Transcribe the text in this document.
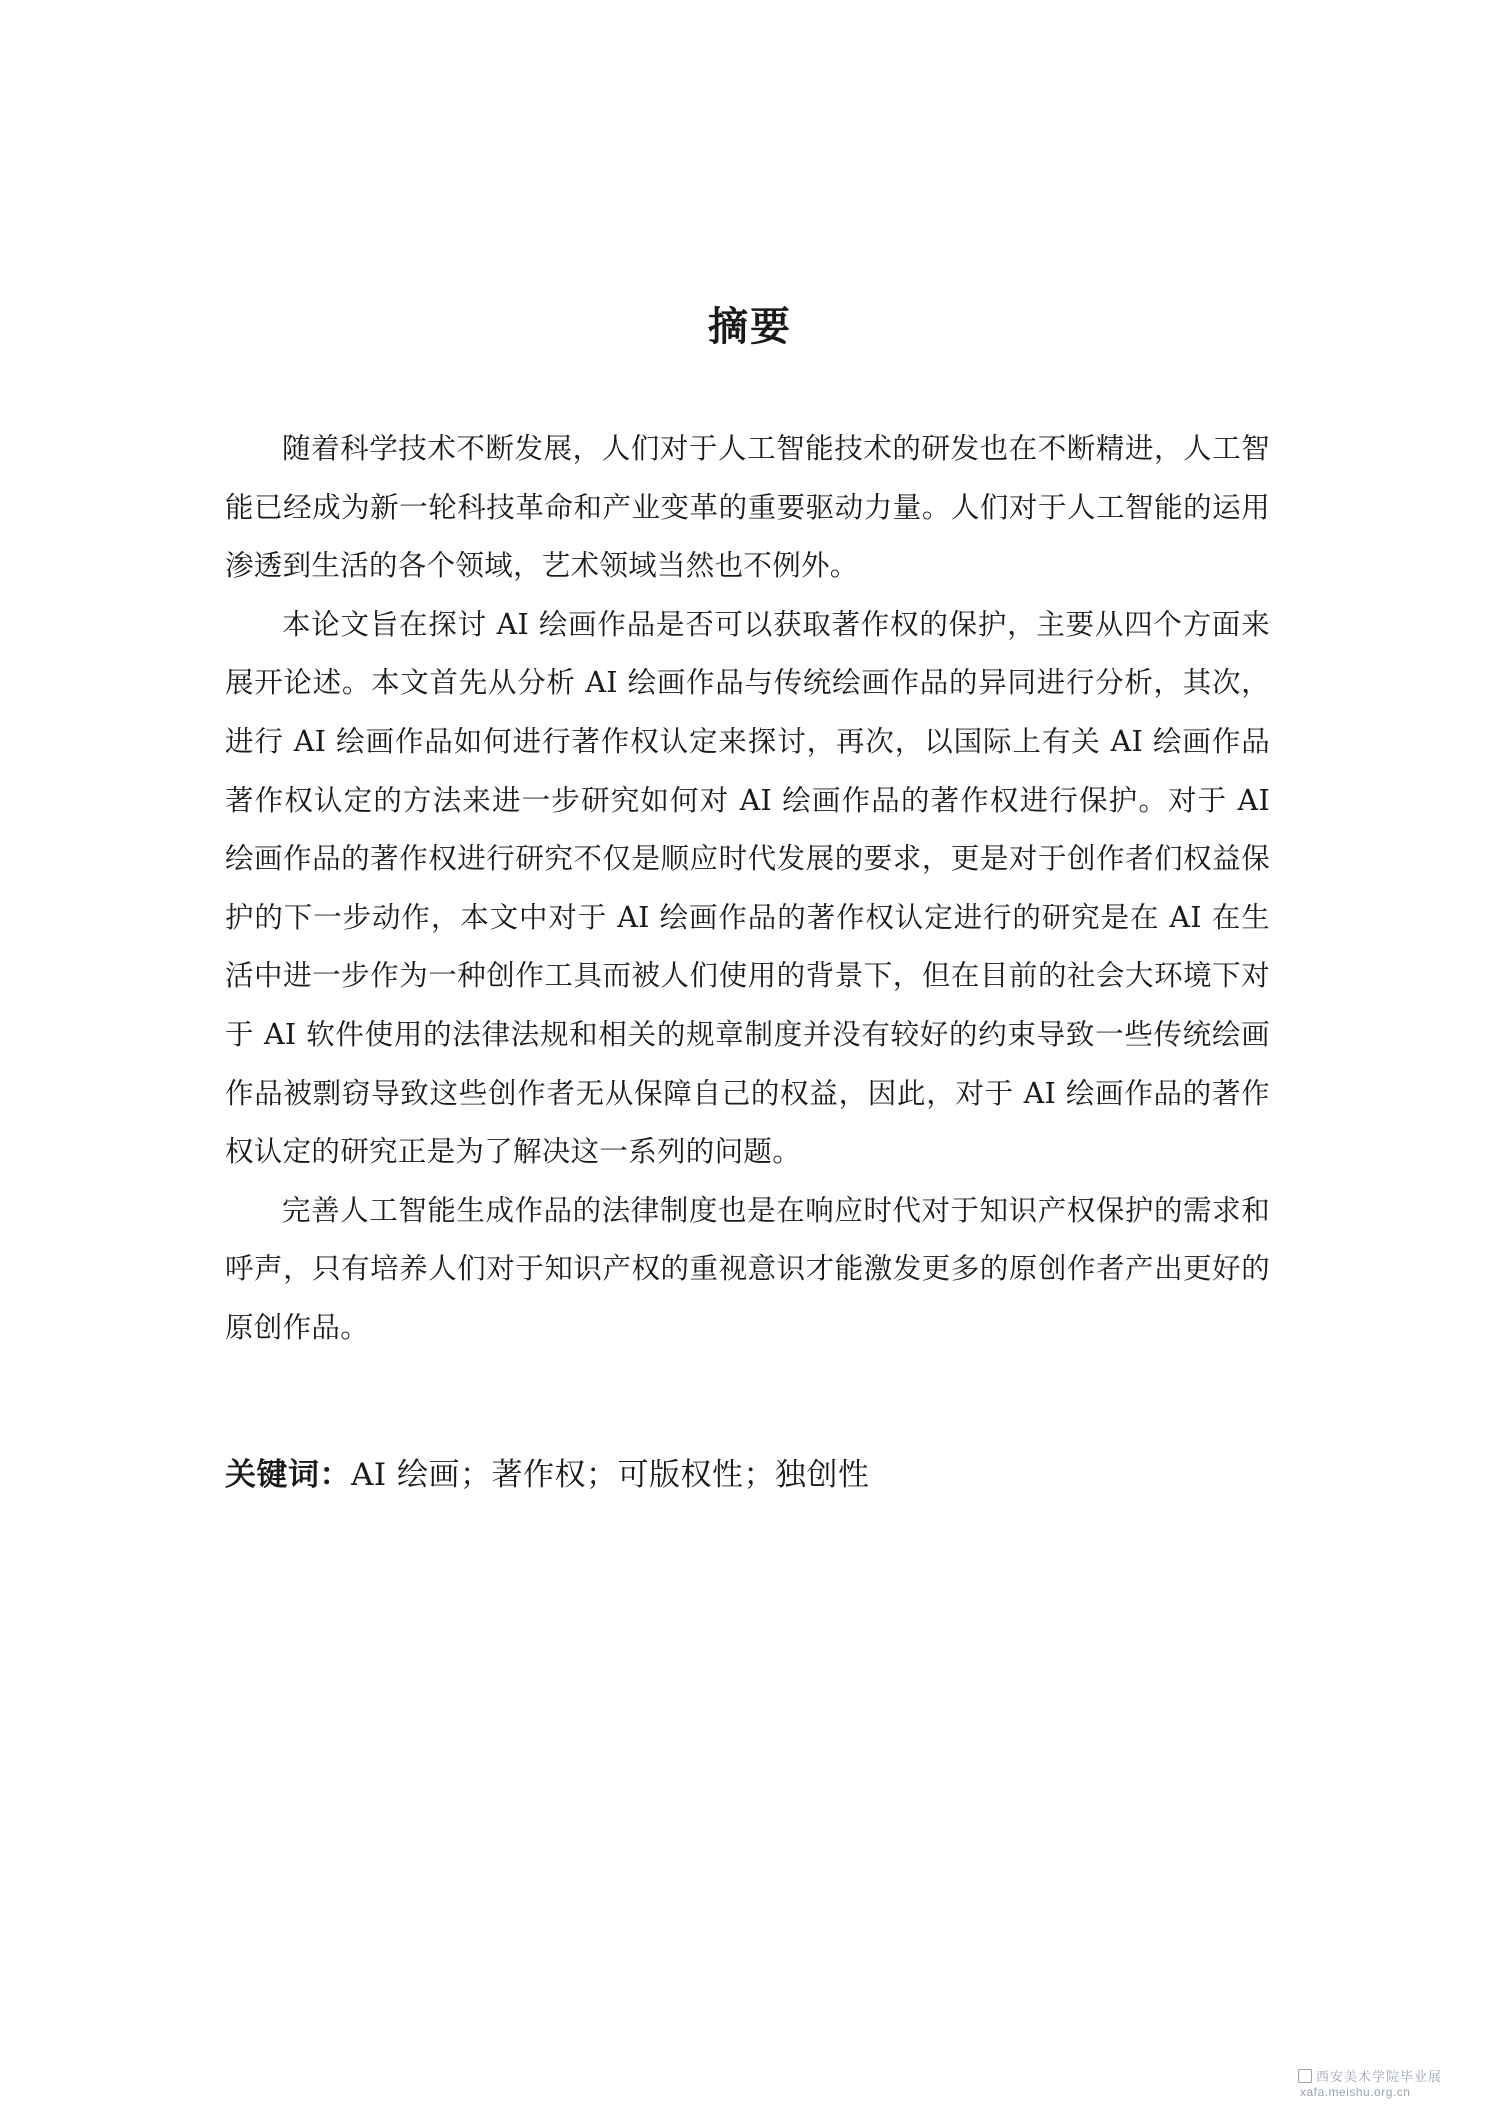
摘要

随着科学技术不断发展，人们对于人工智能技术的研发也在不断精进，人工智能已经成为新一轮科技革命和产业变革的重要驱动力量。人们对于人工智能的运用渗透到生活的各个领域，艺术领域当然也不例外。

本论文旨在探讨 AI 绘画作品是否可以获取著作权的保护，主要从四个方面来展开论述。本文首先从分析 AI 绘画作品与传统绘画作品的异同进行分析，其次，进行 AI 绘画作品如何进行著作权认定来探讨，再次，以国际上有关 AI 绘画作品著作权认定的方法来进一步研究如何对 AI 绘画作品的著作权进行保护。对于 AI 绘画作品的著作权进行研究不仅是顺应时代发展的要求，更是对于创作者们权益保护的下一步动作，本文中对于 AI 绘画作品的著作权认定进行的研究是在 AI 在生活中进一步作为一种创作工具而被人们使用的背景下，但在目前的社会大环境下对于 AI 软件使用的法律法规和相关的规章制度并没有较好的约束导致一些传统绘画作品被剽窃导致这些创作者无从保障自己的权益，因此，对于 AI 绘画作品的著作权认定的研究正是为了解决这一系列的问题。

完善人工智能生成作品的法律制度也是在响应时代对于知识产权保护的需求和呼声，只有培养人们对于知识产权的重视意识才能激发更多的原创作者产出更好的原创作品。

关键词：AI 绘画；著作权；可版权性；独创性
西安美术学院毕业展
xafa.meishu.org.cn
